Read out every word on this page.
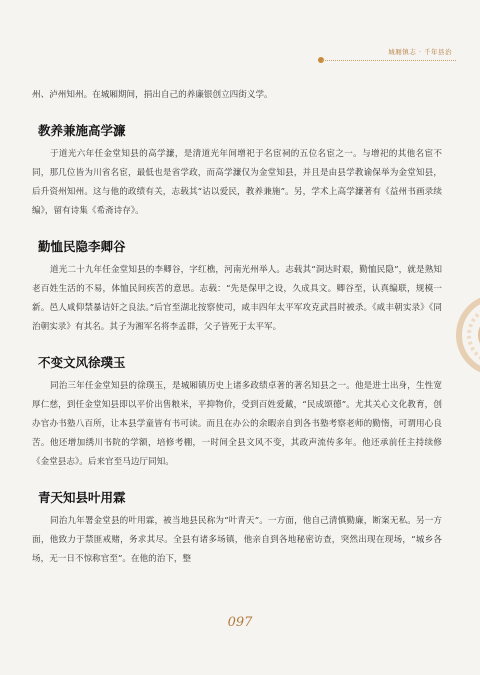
城厢镇志 · 千年县治

州、泸州知州。在城厢期间，捐出自己的养廉银创立四街义学。

教养兼施高学濂

于道光六年任金堂知县的高学濂，是清道光年间增祀于名宦祠的五位名宦之一。与增祀的其他名宦不同，那几位皆为川省名宦，最低也是省学政，而高学濂仅为金堂知县，并且是由县学教谕保举为金堂知县，后升资州知州。这与他的政绩有关，志载其“诂以爱民，教养兼施”。另，学术上高学濂著有《益州书画录续编》，留有诗集《希斋诗存》。

勤恤民隐李卿谷

道光二十九年任金堂知县的李卿谷，字红樵，河南光州举人。志载其“洞达时艰，勤恤民隐”，就是熟知老百姓生活的不易，体恤民间疾苦的意思。志载：“先是保甲之设，久成具文。卿谷至，认真编联，规模一新。邑人咸仰禁暴诘奸之良法。”后官至湖北按察使司，咸丰四年太平军攻克武昌时被杀。《咸丰朝实录》《同治朝实录》有其名。其子为湘军名将李孟群，父子皆死于太平军。

不变文风徐璞玉

同治三年任金堂知县的徐璞玉，是城厢镇历史上诸多政绩卓著的著名知县之一。他是进士出身，生性宽厚仁慈，到任金堂知县即以平价出售粮米，平抑物价，受到百姓爱戴，“民成颂德”。尤其关心文化教育，创办官办书塾八百所，让本县学童皆有书可读。而且在办公的余暇亲自到各书塾考察老师的勤惰，可谓用心良苦。他还增加绣川书院的学额，培修考棚，一时间全县文风不变，其政声流传多年。他还承前任主持续修《金堂县志》。后来官至马边厅同知。

青天知县叶用霖

同治九年署金堂县的叶用霖，被当地县民称为“叶青天”。一方面，他自己清慎勤廉，断案无私。另一方面，他致力于禁匪戒赌，务求其尽。全县有诸多场镇，他亲自到各地秘密访查，突然出现在现场，“城乡各场，无一日不惊称官至”。在他的治下，整

097
